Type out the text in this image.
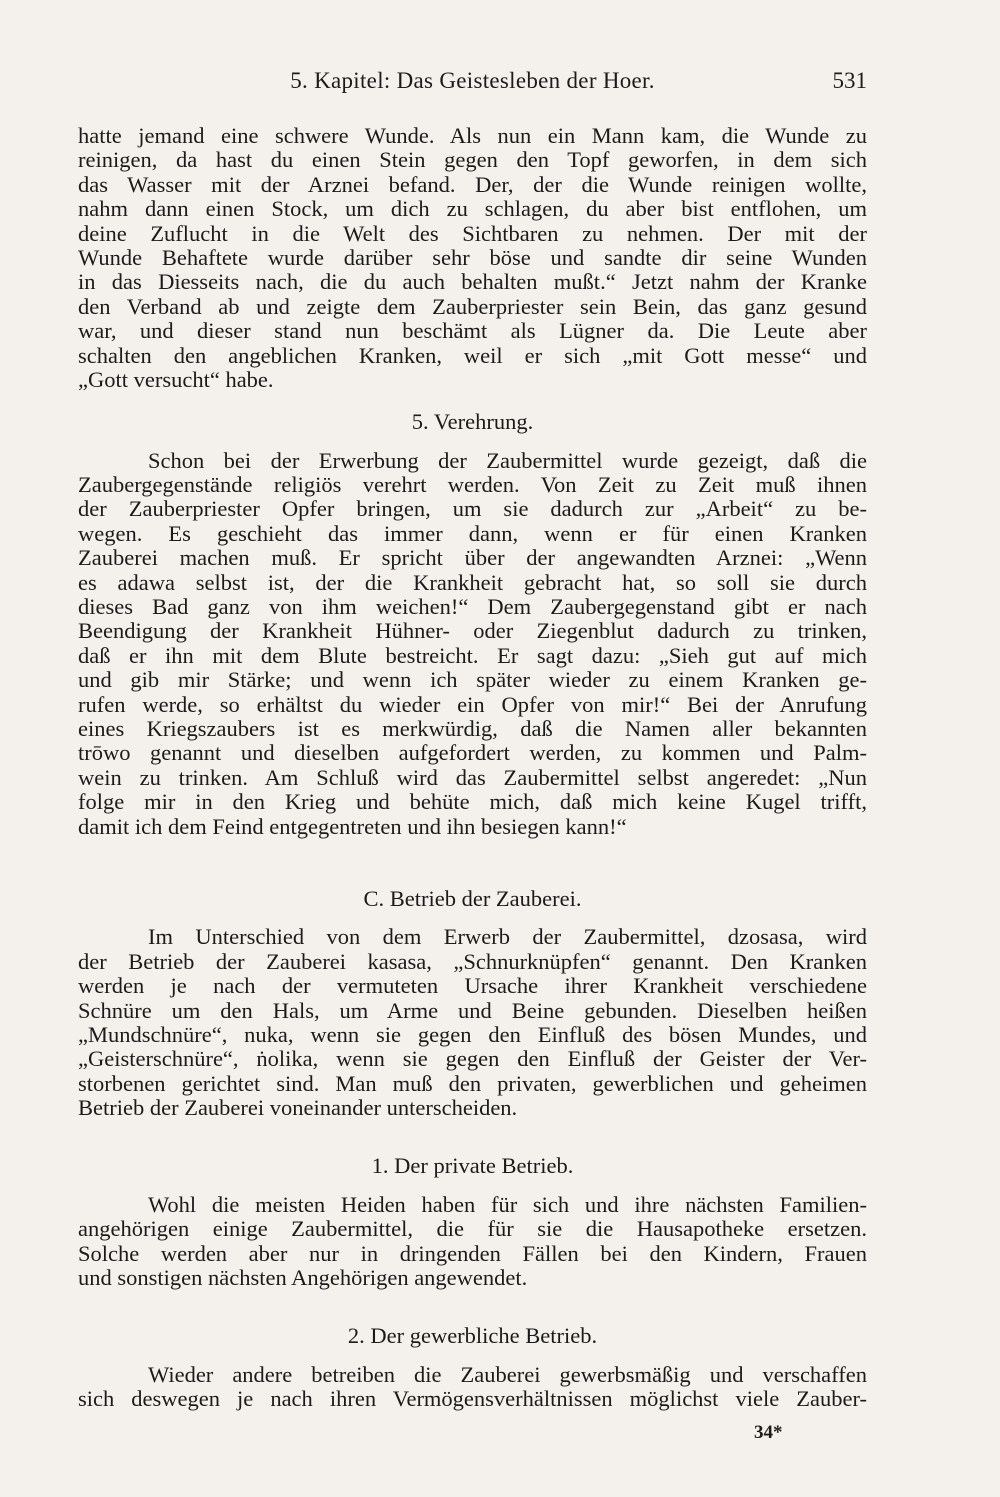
5. Kapitel: Das Geistesleben der Hoer.	531

hatte jemand eine schwere Wunde. Als nun ein Mann kam, die Wunde zu
reinigen, da hast du einen Stein gegen den Topf geworfen, in dem sich
das Wasser mit der Arznei befand. Der, der die Wunde reinigen wollte,
nahm dann einen Stock, um dich zu schlagen, du aber bist entflohen, um
deine Zuflucht in die Welt des Sichtbaren zu nehmen. Der mit der
Wunde Behaftete wurde darüber sehr böse und sandte dir seine Wunden
in das Diesseits nach, die du auch behalten mußt.“ Jetzt nahm der Kranke
den Verband ab und zeigte dem Zauberpriester sein Bein, das ganz gesund
war, und dieser stand nun beschämt als Lügner da. Die Leute aber
schalten den angeblichen Kranken, weil er sich „mit Gott messe“ und
„Gott versucht“ habe.

5. Verehrung.

Schon bei der Erwerbung der Zaubermittel wurde gezeigt, daß die
Zaubergegenstände religiös verehrt werden. Von Zeit zu Zeit muß ihnen
der Zauberpriester Opfer bringen, um sie dadurch zur „Arbeit“ zu be-
wegen. Es geschieht das immer dann, wenn er für einen Kranken
Zauberei machen muß. Er spricht über der angewandten Arznei: „Wenn
es adawa selbst ist, der die Krankheit gebracht hat, so soll sie durch
dieses Bad ganz von ihm weichen!“ Dem Zaubergegenstand gibt er nach
Beendigung der Krankheit Hühner- oder Ziegenblut dadurch zu trinken,
daß er ihn mit dem Blute bestreicht. Er sagt dazu: „Sieh gut auf mich
und gib mir Stärke; und wenn ich später wieder zu einem Kranken ge-
rufen werde, so erhältst du wieder ein Opfer von mir!“ Bei der Anrufung
eines Kriegszaubers ist es merkwürdig, daß die Namen aller bekannten
trōwo genannt und dieselben aufgefordert werden, zu kommen und Palm-
wein zu trinken. Am Schluß wird das Zaubermittel selbst angeredet: „Nun
folge mir in den Krieg und behüte mich, daß mich keine Kugel trifft,
damit ich dem Feind entgegentreten und ihn besiegen kann!“

C. Betrieb der Zauberei.

Im Unterschied von dem Erwerb der Zaubermittel, dzosasa, wird
der Betrieb der Zauberei kasasa, „Schnurknüpfen“ genannt. Den Kranken
werden je nach der vermuteten Ursache ihrer Krankheit verschiedene
Schnüre um den Hals, um Arme und Beine gebunden. Dieselben heißen
„Mundschnüre“, nuka, wenn sie gegen den Einfluß des bösen Mundes, und
„Geisterschnüre“, ṅolika, wenn sie gegen den Einfluß der Geister der Ver-
storbenen gerichtet sind. Man muß den privaten, gewerblichen und geheimen
Betrieb der Zauberei voneinander unterscheiden.

1. Der private Betrieb.

Wohl die meisten Heiden haben für sich und ihre nächsten Familien-
angehörigen einige Zaubermittel, die für sie die Hausapotheke ersetzen.
Solche werden aber nur in dringenden Fällen bei den Kindern, Frauen
und sonstigen nächsten Angehörigen angewendet.

2. Der gewerbliche Betrieb.

Wieder andere betreiben die Zauberei gewerbsmäßig und verschaffen
sich deswegen je nach ihren Vermögensverhältnissen möglichst viele Zauber-

34*
